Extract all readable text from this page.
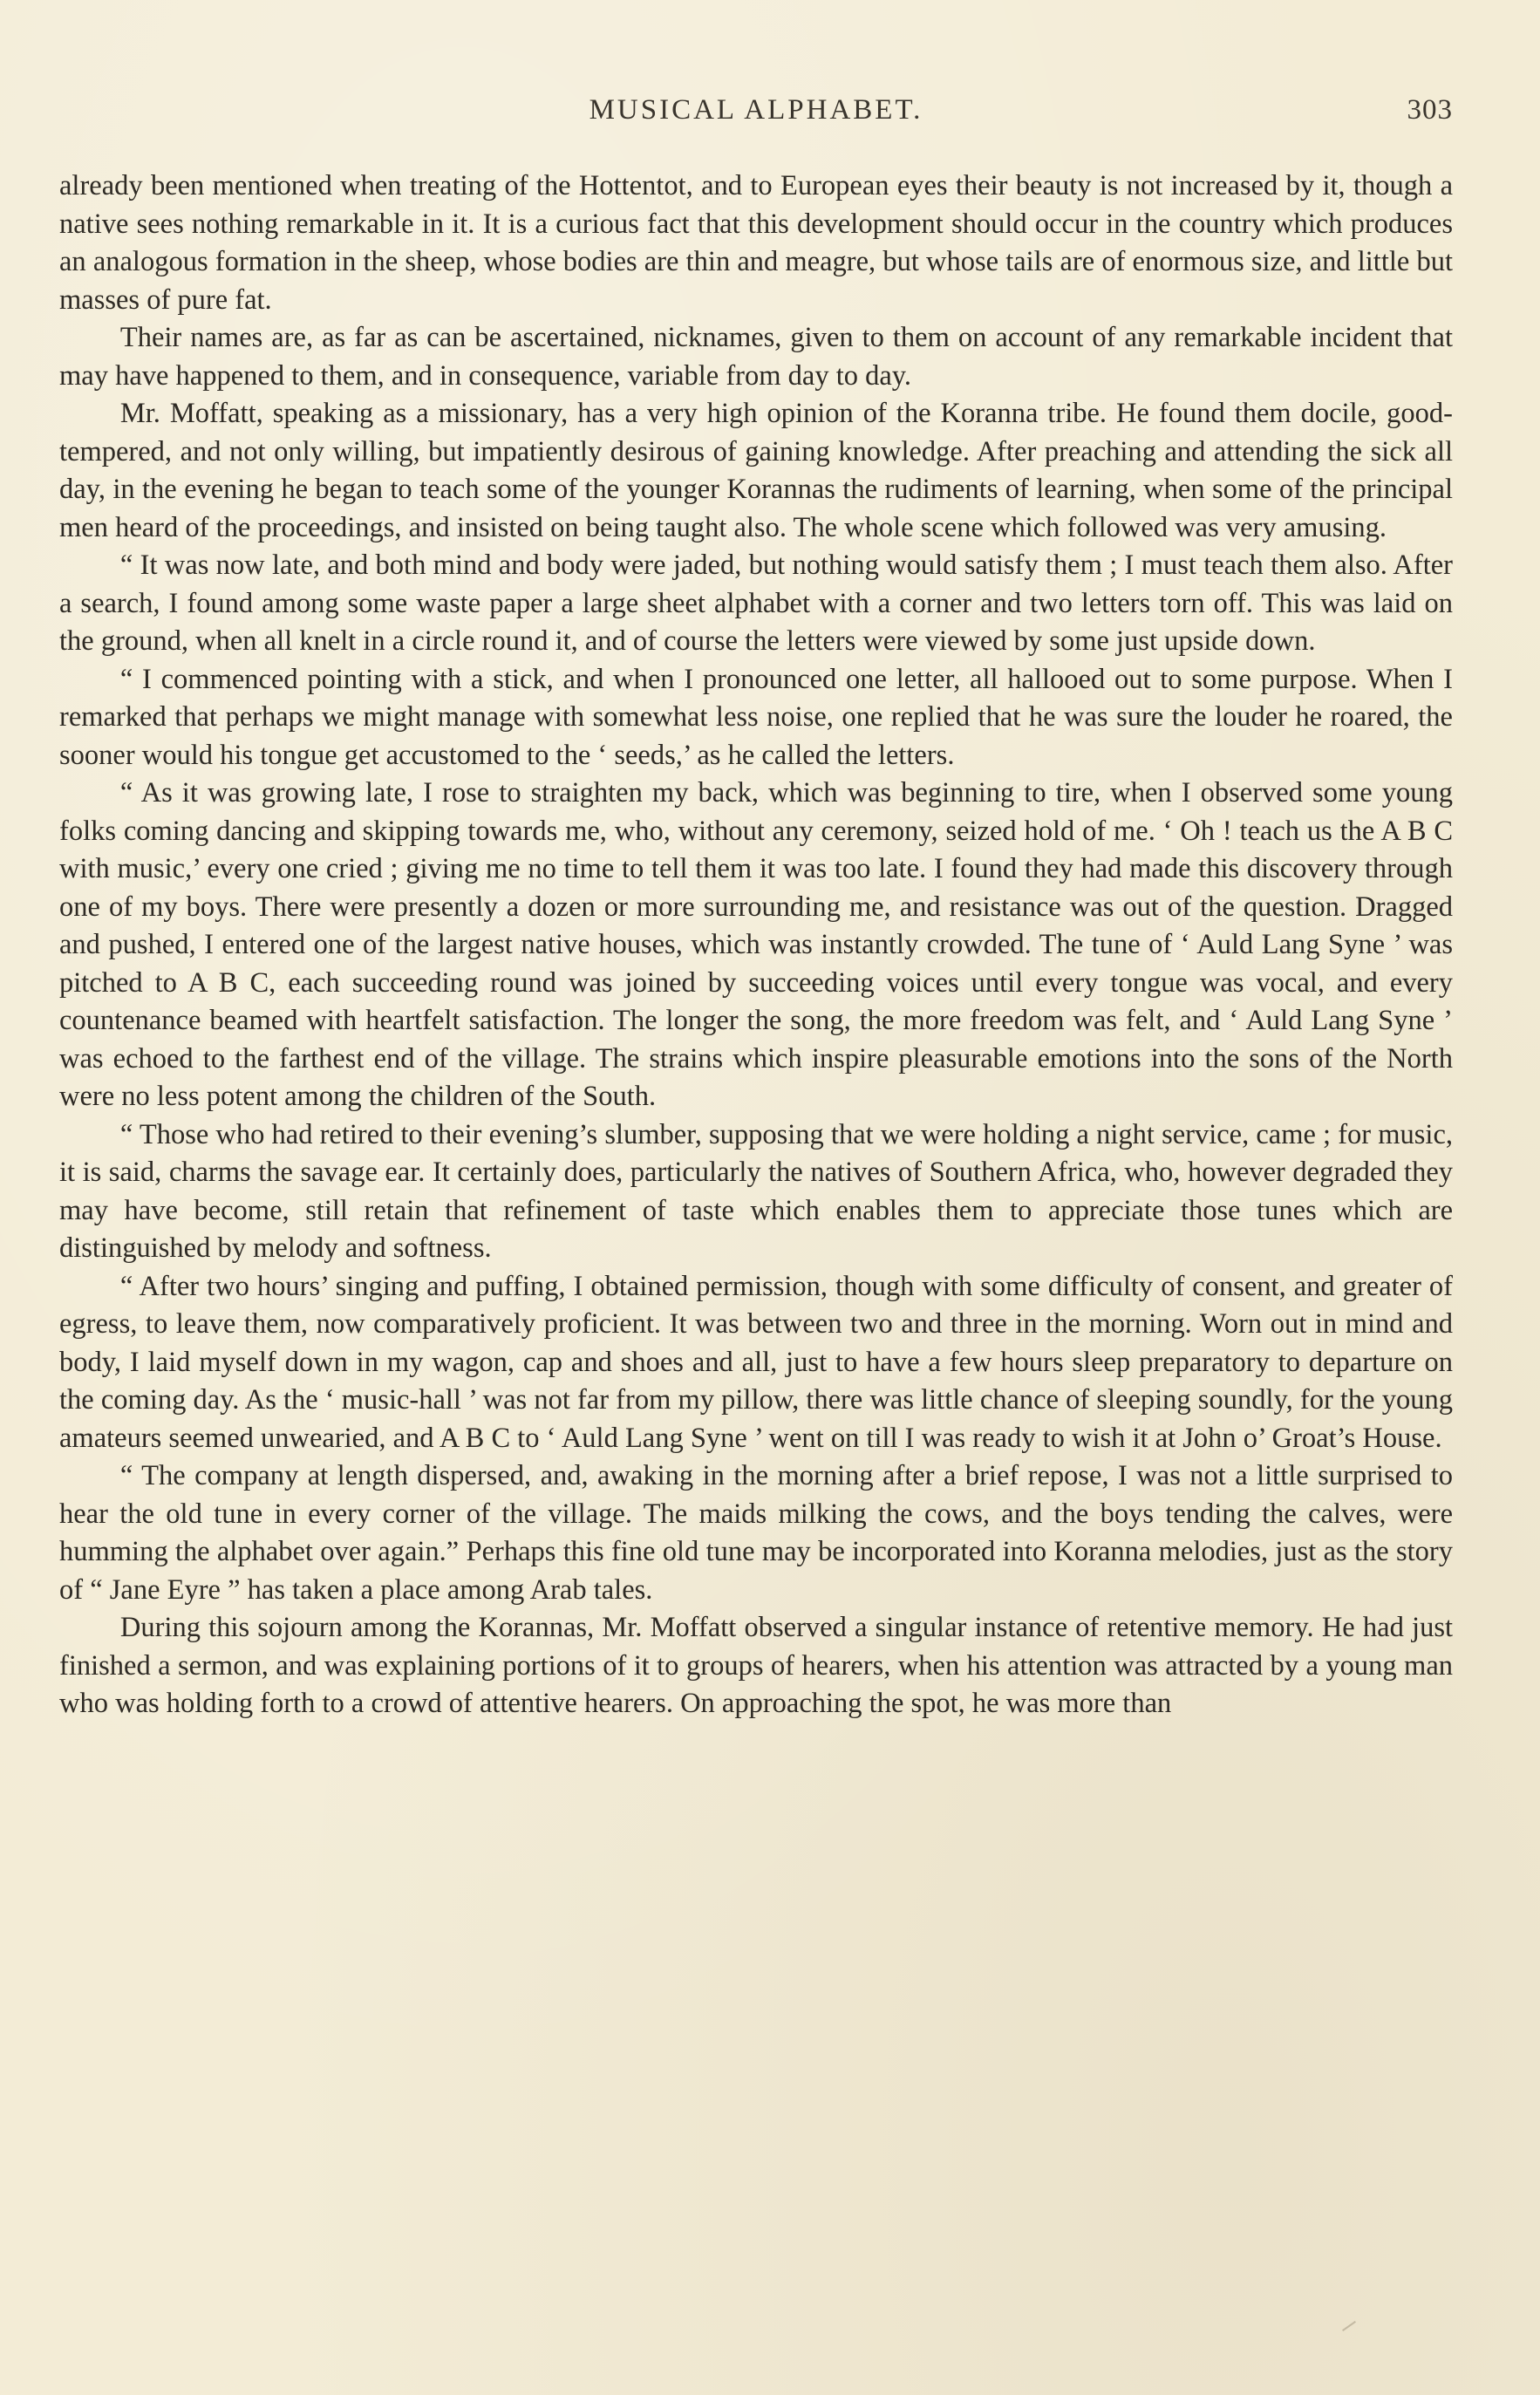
MUSICAL ALPHABET.	303

already been mentioned when treating of the Hottentot, and to European eyes their beauty is not increased by it, though a native sees nothing remarkable in it. It is a curious fact that this development should occur in the country which produces an analogous formation in the sheep, whose bodies are thin and meagre, but whose tails are of enormous size, and little but masses of pure fat.

Their names are, as far as can be ascertained, nicknames, given to them on account of any remarkable incident that may have happened to them, and in consequence, variable from day to day.

Mr. Moffatt, speaking as a missionary, has a very high opinion of the Koranna tribe. He found them docile, good-tempered, and not only willing, but impatiently desirous of gaining knowledge. After preaching and attending the sick all day, in the evening he began to teach some of the younger Korannas the rudiments of learning, when some of the principal men heard of the proceedings, and insisted on being taught also. The whole scene which followed was very amusing.

“ It was now late, and both mind and body were jaded, but nothing would satisfy them ; I must teach them also. After a search, I found among some waste paper a large sheet alphabet with a corner and two letters torn off. This was laid on the ground, when all knelt in a circle round it, and of course the letters were viewed by some just upside down.

“ I commenced pointing with a stick, and when I pronounced one letter, all hallooed out to some purpose. When I remarked that perhaps we might manage with somewhat less noise, one replied that he was sure the louder he roared, the sooner would his tongue get accustomed to the ‘ seeds,’ as he called the letters.

“ As it was growing late, I rose to straighten my back, which was beginning to tire, when I observed some young folks coming dancing and skipping towards me, who, without any ceremony, seized hold of me. ‘ Oh ! teach us the A B C with music,’ every one cried ; giving me no time to tell them it was too late. I found they had made this discovery through one of my boys. There were presently a dozen or more surrounding me, and resistance was out of the question. Dragged and pushed, I entered one of the largest native houses, which was instantly crowded. The tune of ‘ Auld Lang Syne ’ was pitched to A B C, each succeeding round was joined by succeeding voices until every tongue was vocal, and every countenance beamed with heartfelt satisfaction. The longer the song, the more freedom was felt, and ‘ Auld Lang Syne ’ was echoed to the farthest end of the village. The strains which inspire pleasurable emotions into the sons of the North were no less potent among the children of the South.

“ Those who had retired to their evening’s slumber, supposing that we were holding a night service, came ; for music, it is said, charms the savage ear. It certainly does, particularly the natives of Southern Africa, who, however degraded they may have become, still retain that refinement of taste which enables them to appreciate those tunes which are distinguished by melody and softness.

“ After two hours’ singing and puffing, I obtained permission, though with some difficulty of consent, and greater of egress, to leave them, now comparatively proficient. It was between two and three in the morning. Worn out in mind and body, I laid myself down in my wagon, cap and shoes and all, just to have a few hours sleep preparatory to departure on the coming day. As the ‘ music-hall ’ was not far from my pillow, there was little chance of sleeping soundly, for the young amateurs seemed unwearied, and A B C to ‘ Auld Lang Syne ’ went on till I was ready to wish it at John o’ Groat’s House.

“ The company at length dispersed, and, awaking in the morning after a brief repose, I was not a little surprised to hear the old tune in every corner of the village. The maids milking the cows, and the boys tending the calves, were humming the alphabet over again.” Perhaps this fine old tune may be incorporated into Koranna melodies, just as the story of “ Jane Eyre ” has taken a place among Arab tales.

During this sojourn among the Korannas, Mr. Moffatt observed a singular instance of retentive memory. He had just finished a sermon, and was explaining portions of it to groups of hearers, when his attention was attracted by a young man who was holding forth to a crowd of attentive hearers. On approaching the spot, he was more than
